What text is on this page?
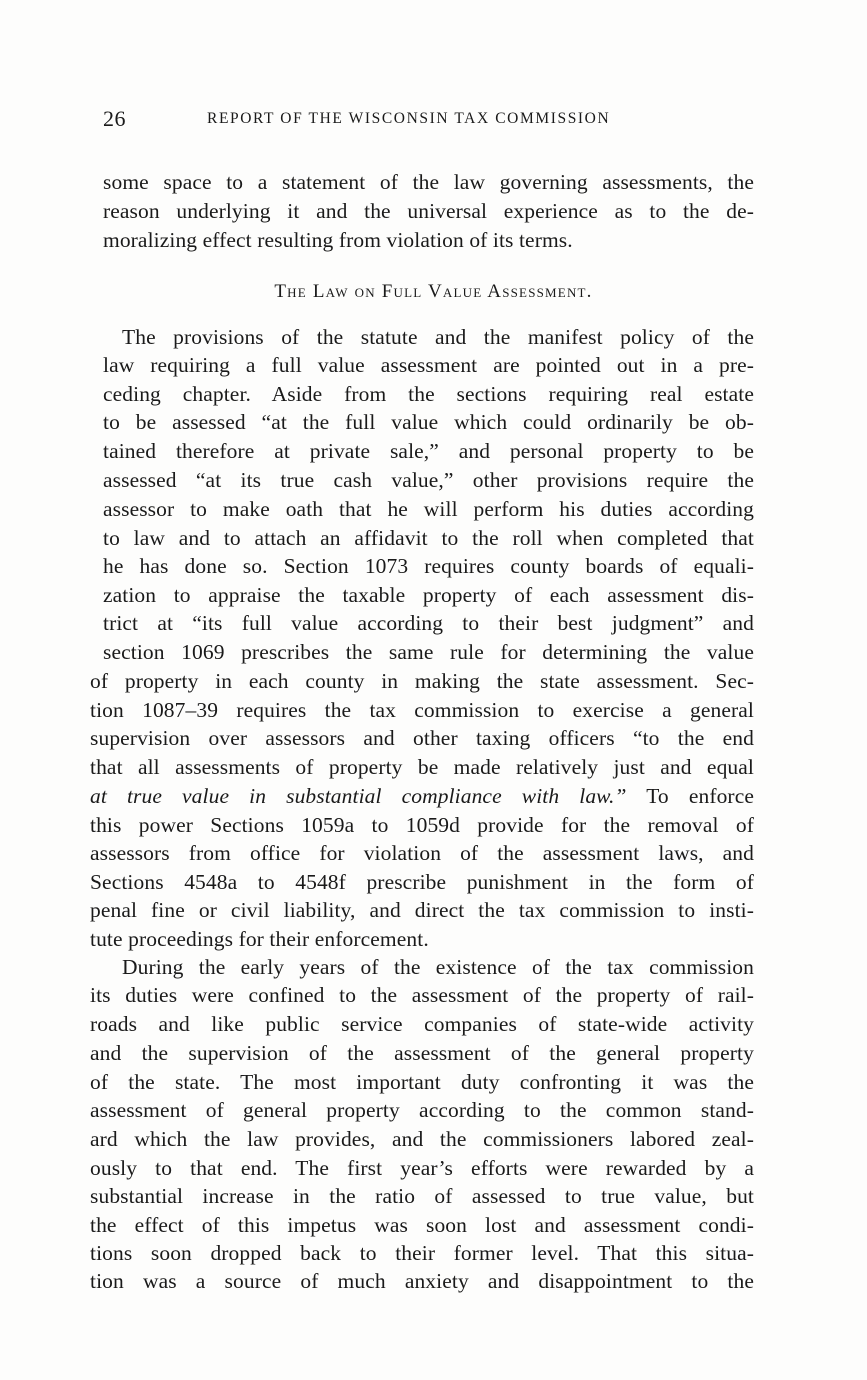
26	REPORT OF THE WISCONSIN TAX COMMISSION
some space to a statement of the law governing assessments, the
reason underlying it and the universal experience as to the de-
moralizing effect resulting from violation of its terms.
The Law on Full Value Assessment.
The provisions of the statute and the manifest policy of the
law requiring a full value assessment are pointed out in a pre-
ceding chapter. Aside from the sections requiring real estate
to be assessed “at the full value which could ordinarily be ob-
tained therefore at private sale,” and personal property to be
assessed “at its true cash value,” other provisions require the
assessor to make oath that he will perform his duties according
to law and to attach an affidavit to the roll when completed that
he has done so. Section 1073 requires county boards of equali-
zation to appraise the taxable property of each assessment dis-
trict at “its full value according to their best judgment” and
section 1069 prescribes the same rule for determining the value
of property in each county in making the state assessment. Sec-
tion 1087–39 requires the tax commission to exercise a general
supervision over assessors and other taxing officers “to the end
that all assessments of property be made relatively just and equal
at true value in substantial compliance with law.” To enforce
this power Sections 1059a to 1059d provide for the removal of
assessors from office for violation of the assessment laws, and
Sections 4548a to 4548f prescribe punishment in the form of
penal fine or civil liability, and direct the tax commission to insti-
tute proceedings for their enforcement.
During the early years of the existence of the tax commission
its duties were confined to the assessment of the property of rail-
roads and like public service companies of state-wide activity
and the supervision of the assessment of the general property
of the state. The most important duty confronting it was the
assessment of general property according to the common stand-
ard which the law provides, and the commissioners labored zeal-
ously to that end. The first year’s efforts were rewarded by a
substantial increase in the ratio of assessed to true value, but
the effect of this impetus was soon lost and assessment condi-
tions soon dropped back to their former level. That this situa-
tion was a source of much anxiety and disappointment to the
